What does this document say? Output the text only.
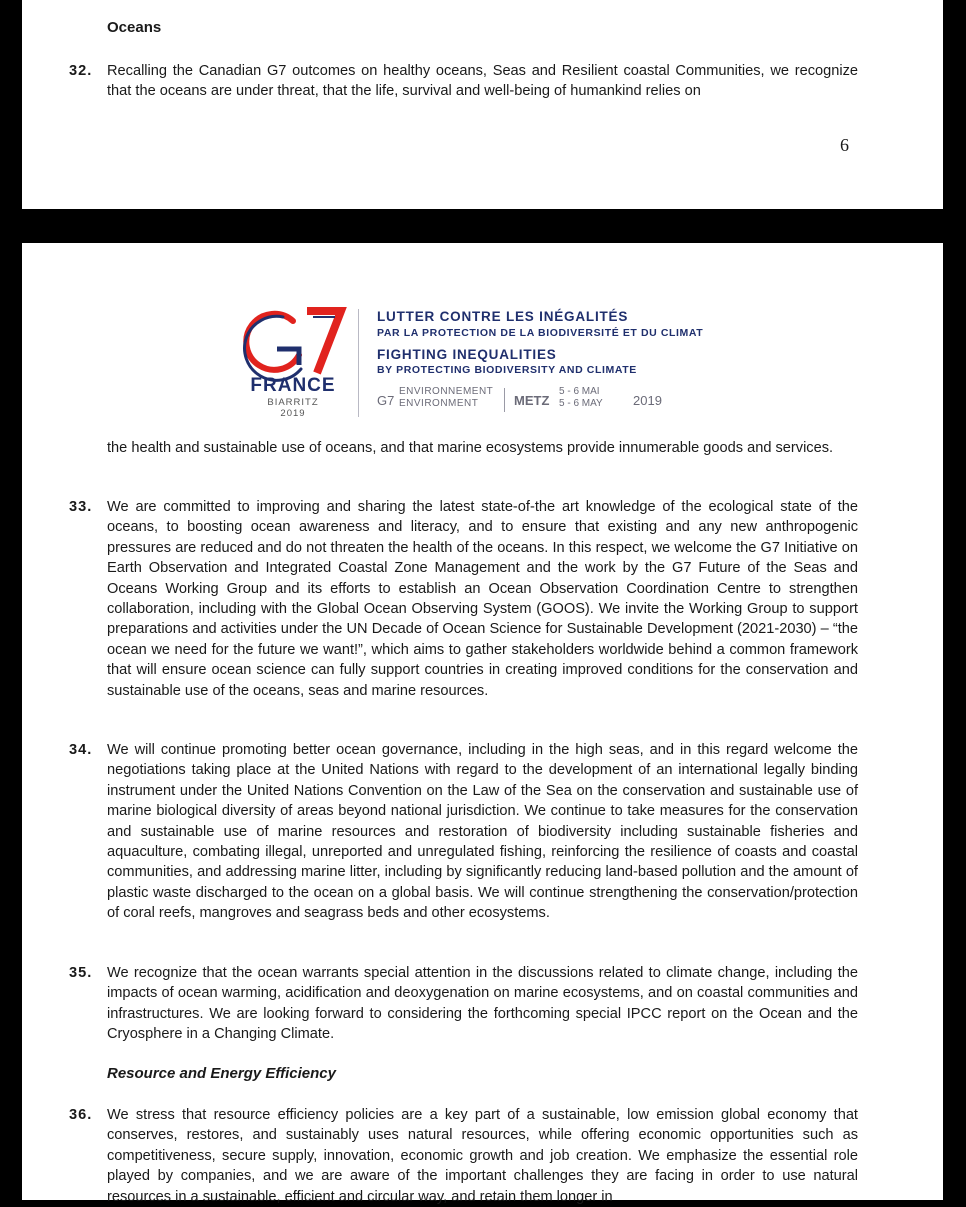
Oceans
32. Recalling the Canadian G7 outcomes on healthy oceans, Seas and Resilient coastal Communities, we recognize that the oceans are under threat, that the life, survival and well-being of humankind relies on
6
G7
FRANCE
BIARRITZ
2019
LUTTER CONTRE LES INÉGALITÉS
PAR LA PROTECTION DE LA BIODIVERSITÉ ET DU CLIMAT
FIGHTING INEQUALITIES
BY PROTECTING BIODIVERSITY AND CLIMATE
G7
ENVIRONNEMENT
ENVIRONMENT	METZ
5 - 6 MAI
5 - 6 MAY 2019
the health and sustainable use of oceans, and that marine ecosystems provide innumerable goods and services.
33. We are committed to improving and sharing the latest state-of-the art knowledge of the ecological state of the oceans, to boosting ocean awareness and literacy, and to ensure that existing and any new anthropogenic pressures are reduced and do not threaten the health of the oceans. In this respect, we welcome the G7 Initiative on Earth Observation and Integrated Coastal Zone Management and the work by the G7 Future of the Seas and Oceans Working Group and its efforts to establish an Ocean Observation Coordination Centre to strengthen collaboration, including with the Global Ocean Observing System (GOOS). We invite the Working Group to support preparations and activities under the UN Decade of Ocean Science for Sustainable Development (2021-2030) – “the ocean we need for the future we want!”, which aims to gather stakeholders worldwide behind a common framework that will ensure ocean science can fully support countries in creating improved conditions for the conservation and sustainable use of the oceans, seas and marine resources.
34. We will continue promoting better ocean governance, including in the high seas, and in this regard welcome the negotiations taking place at the United Nations with regard to the development of an international legally binding instrument under the United Nations Convention on the Law of the Sea on the conservation and sustainable use of marine biological diversity of areas beyond national jurisdiction. We continue to take measures for the conservation and sustainable use of marine resources and restoration of biodiversity including sustainable fisheries and aquaculture, combating illegal, unreported and unregulated fishing, reinforcing the resilience of coasts and coastal communities, and addressing marine litter, including by significantly reducing land-based pollution and the amount of plastic waste discharged to the ocean on a global basis. We will continue strengthening the conservation/protection of coral reefs, mangroves and seagrass beds and other ecosystems.
35. We recognize that the ocean warrants special attention in the discussions related to climate change, including the impacts of ocean warming, acidification and deoxygenation on marine ecosystems, and on coastal communities and infrastructures. We are looking forward to considering the forthcoming special IPCC report on the Ocean and the Cryosphere in a Changing Climate.
Resource and Energy Efficiency
36. We stress that resource efficiency policies are a key part of a sustainable, low emission global economy that conserves, restores, and sustainably uses natural resources, while offering economic opportunities such as competitiveness, secure supply, innovation, economic growth and job creation. We emphasize the essential role played by companies, and we are aware of the important challenges they are facing in order to use natural resources in a sustainable, efficient and circular way, and retain them longer in
